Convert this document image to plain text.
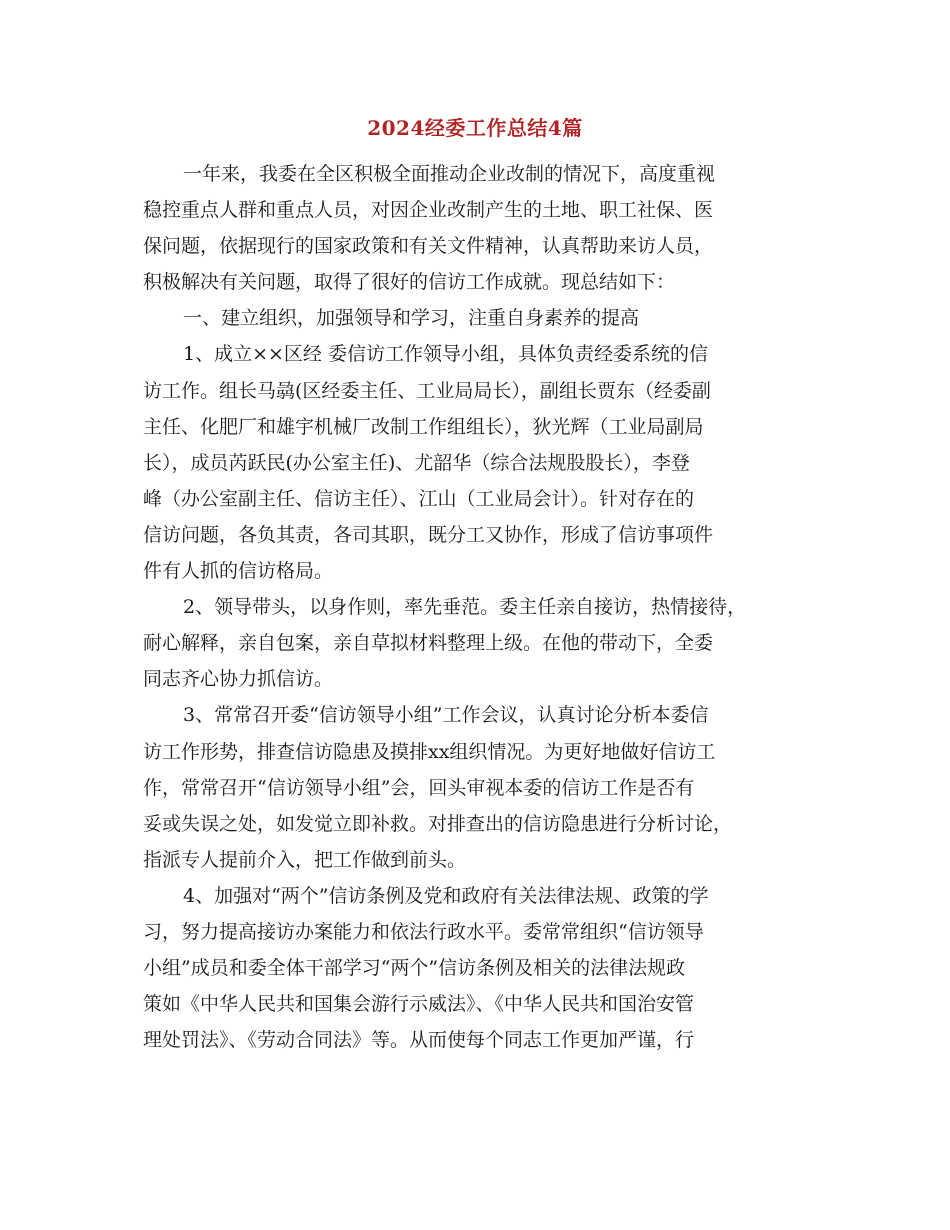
2024经委工作总结4篇
一年来，我委在全区积极全面推动企业改制的情况下，高度重视
稳控重点人群和重点人员，对因企业改制产生的土地、职工社保、医
保问题，依据现行的国家政策和有关文件精神，认真帮助来访人员，
积极解决有关问题，取得了很好的信访工作成就。现总结如下：
一、建立组织，加强领导和学习，注重自身素养的提高
1、成立××区经 委信访工作领导小组，具体负责经委系统的信
访工作。组长马骉(区经委主任、工业局局长），副组长贾东（经委副
主任、化肥厂和雄宇机械厂改制工作组组长），狄光辉（工业局副局
长），成员芮跃民(办公室主任)、尤韶华（综合法规股股长），李登
峰（办公室副主任、信访主任）、江山（工业局会计）。针对存在的
信访问题，各负其责，各司其职，既分工又协作，形成了信访事项件
件有人抓的信访格局。
2、领导带头，以身作则，率先垂范。委主任亲自接访，热情接待，
耐心解释，亲自包案，亲自草拟材料整理上级。在他的带动下，全委
同志齐心协力抓信访。
3、常常召开委“信访领导小组”工作会议，认真讨论分析本委信
访工作形势，排查信访隐患及摸排xx组织情况。为更好地做好信访工
作，常常召开“信访领导小组”会，回头审视本委的信访工作是否有
妥或失误之处，如发觉立即补救。对排查出的信访隐患进行分析讨论，
指派专人提前介入，把工作做到前头。
4、加强对“两个”信访条例及党和政府有关法律法规、政策的学
习，努力提高接访办案能力和依法行政水平。委常常组织“信访领导
小组”成员和委全体干部学习“两个”信访条例及相关的法律法规政
策如《中华人民共和国集会游行示威法》、《中华人民共和国治安管
理处罚法》、《劳动合同法》等。从而使每个同志工作更加严谨，行
